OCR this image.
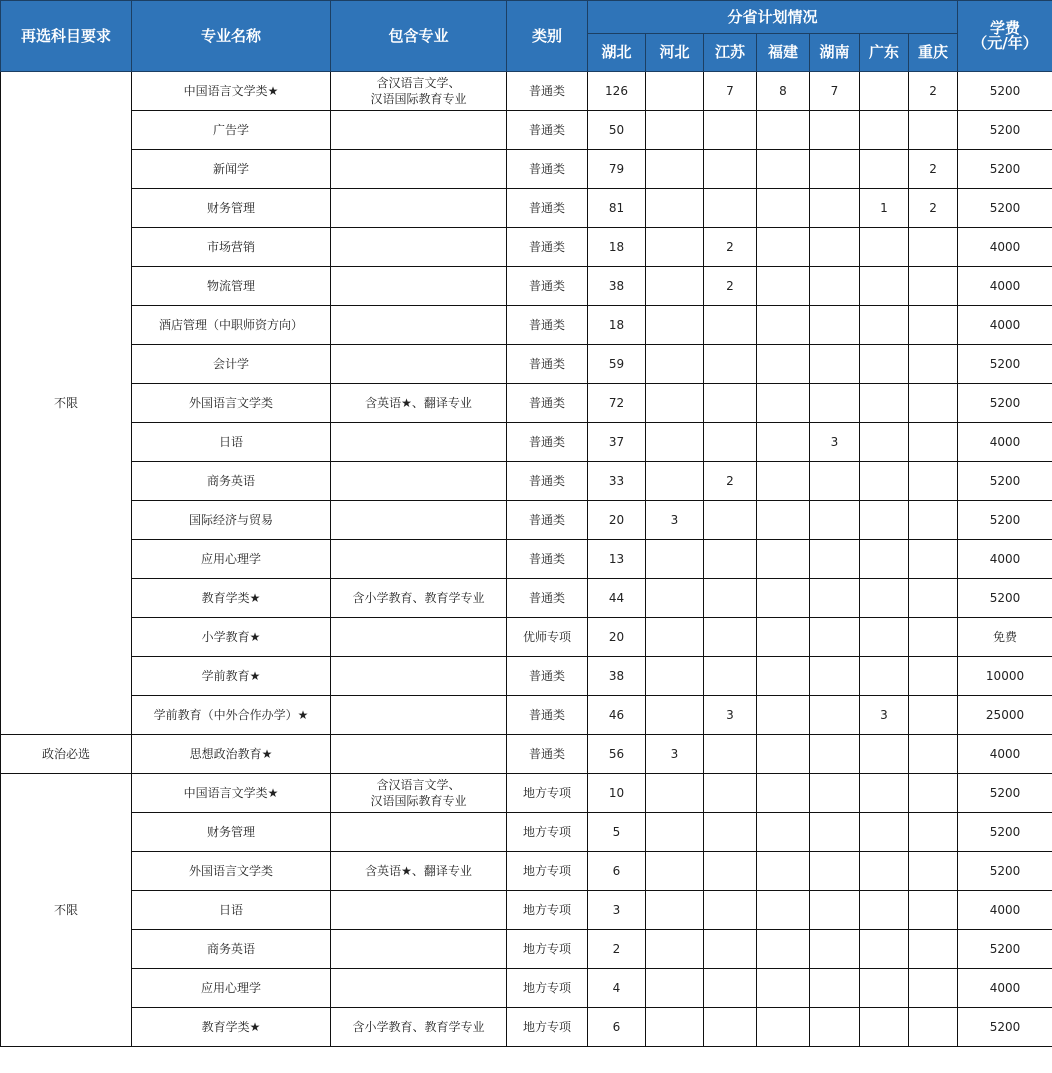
再选科目要求	专业名称	包含专业	类别	分省计划情况							学费
（元/年）

				湖北	河北	江苏	福建	湖南	广东	重庆	
不限	中国语言文学类★	含汉语言文学、
汉语国际教育专业	普通类	126		7	8	7		2	5200
	广告学		普通类	50							5200
	新闻学		普通类	79						2	5200
	财务管理		普通类	81					1	2	5200
	市场营销		普通类	18		2					4000
	物流管理		普通类	38		2					4000
	酒店管理（中职师资方向）		普通类	18							4000
	会计学		普通类	59							5200
	外国语言文学类	含英语★、翻译专业	普通类	72							5200
	日语		普通类	37				3			4000
	商务英语		普通类	33		2					5200
	国际经济与贸易		普通类	20	3						5200
	应用心理学		普通类	13							4000
	教育学类★	含小学教育、教育学专业	普通类	44							5200
	小学教育★		优师专项	20							免费
	学前教育★		普通类	38							10000
	学前教育（中外合作办学）★		普通类	46		3			3		25000
政治必选	思想政治教育★		普通类	56	3						4000
不限	中国语言文学类★	含汉语言文学、
汉语国际教育专业	地方专项	10							5200
	财务管理		地方专项	5							5200
	外国语言文学类	含英语★、翻译专业	地方专项	6							5200
	日语		地方专项	3							4000
	商务英语		地方专项	2							5200
	应用心理学		地方专项	4							4000
	教育学类★	含小学教育、教育学专业	地方专项	6							5200
